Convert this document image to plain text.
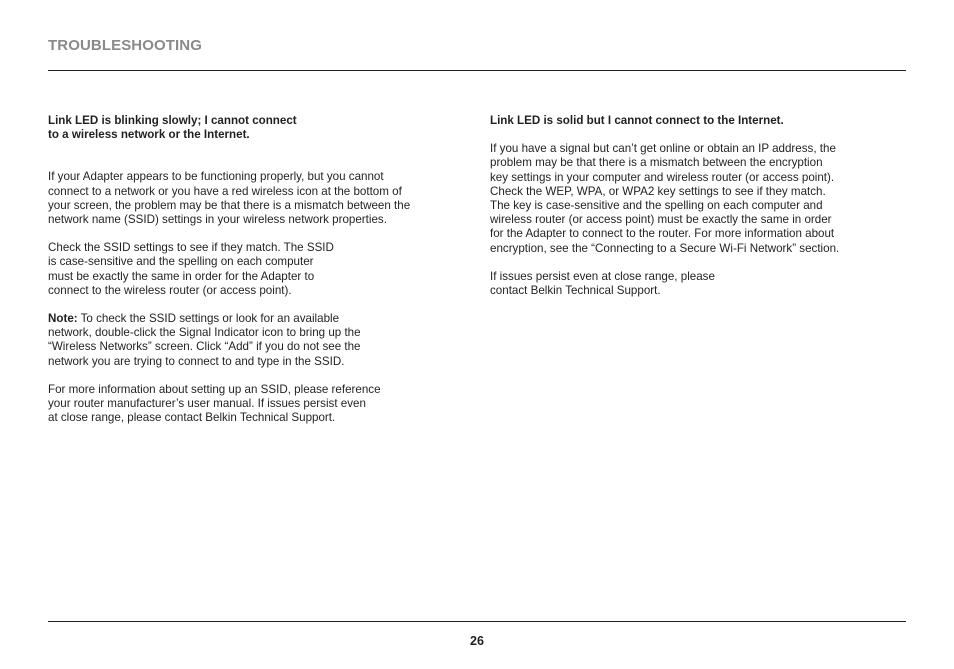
TROUBLESHOOTING

Link LED is blinking slowly; I cannot connect
to a wireless network or the Internet.

If your Adapter appears to be functioning properly, but you cannot
connect to a network or you have a red wireless icon at the bottom of
your screen, the problem may be that there is a mismatch between the
network name (SSID) settings in your wireless network properties.

Check the SSID settings to see if they match. The SSID
is case-sensitive and the spelling on each computer
must be exactly the same in order for the Adapter to
connect to the wireless router (or access point).

Note: To check the SSID settings or look for an available
network, double-click the Signal Indicator icon to bring up the
“Wireless Networks” screen. Click “Add” if you do not see the
network you are trying to connect to and type in the SSID.

For more information about setting up an SSID, please reference
your router manufacturer’s user manual. If issues persist even
at close range, please contact Belkin Technical Support.

Link LED is solid but I cannot connect to the Internet.

If you have a signal but can’t get online or obtain an IP address, the
problem may be that there is a mismatch between the encryption
key settings in your computer and wireless router (or access point).
Check the WEP, WPA, or WPA2 key settings to see if they match.
The key is case-sensitive and the spelling on each computer and
wireless router (or access point) must be exactly the same in order
for the Adapter to connect to the router. For more information about
encryption, see the “Connecting to a Secure Wi-Fi Network” section.

If issues persist even at close range, please
contact Belkin Technical Support.

26
